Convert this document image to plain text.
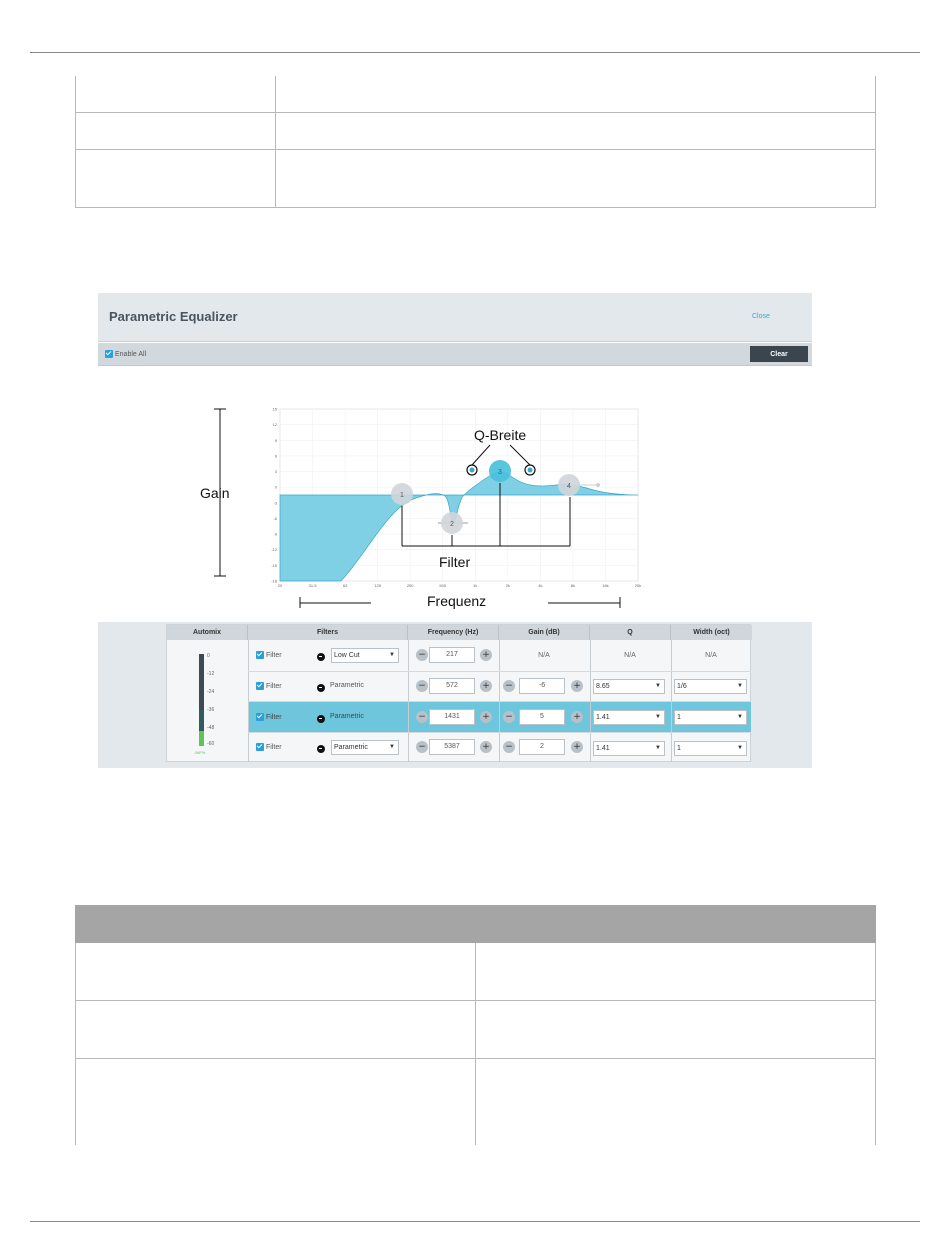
Parametric Equalizer	Close
Enable All	Clear
15
12
9
6
3
0
-3
-6
-9
-12
-15
-18
20	31.5	63	125	250	500	1k	2k	4k	8k	16k	20k
1
2
3
4
Gain
Q-Breite
Filter
Frequenz
Automix	Filters	Frequency (Hz)	Gain (dB)	Q	Width (oct)
0
-12
-24
-36
-48
-60
-INF%
Filter	Low Cut	▼	−	217	+	N/A	N/A	N/A
Filter	Parametric	−	572	+ −	-6	+	8.65	▼	1/6	▼
Filter	Parametric	−	1431	+ −	5	+	1.41	▼	1	▼
Filter	Parametric	▼	−	5387	+ −	2	+	1.41	▼	1	▼
